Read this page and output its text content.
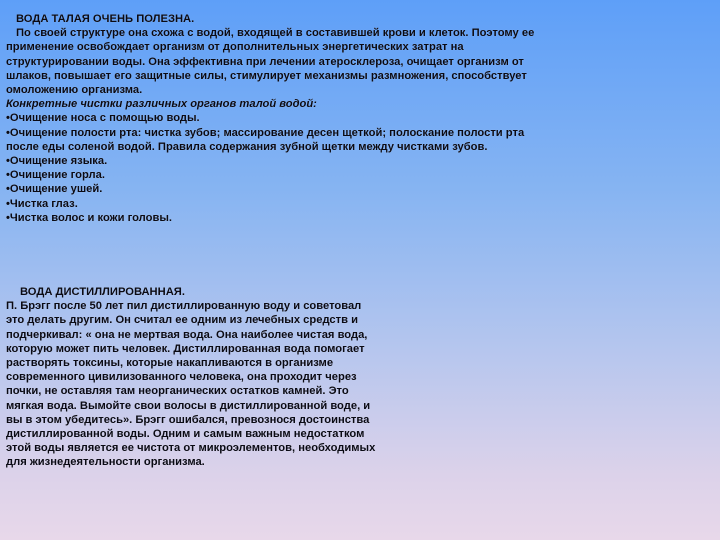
ВОДА ТАЛАЯ ОЧЕНЬ ПОЛЕЗНА.
По своей структуре она схожа с водой, входящей в составившей крови и клеток. Поэтому ее
применение освобождает организм от дополнительных энергетических затрат на
структурировании воды. Она эффективна при лечении атеросклероза, очищает организм от
шлаков, повышает его защитные силы, стимулирует механизмы размножения, способствует
омоложению организма.
Конкретные чистки различных органов талой водой:
• Очищение носа с помощью воды.
• Очищение полости рта: чистка зубов; массирование десен щеткой; полоскание полости рта
после еды соленой водой. Правила содержания зубной щетки между чистками зубов.
• Очищение языка.
• Очищение горла.
• Очищение ушей.
• Чистка глаз.
• Чистка волос и кожи головы.
ВОДА ДИСТИЛЛИРОВАННАЯ.
П. Брэгг после 50 лет пил дистиллированную воду и советовал
это делать другим. Он считал ее одним из лечебных средств и
подчеркивал: « она не мертвая вода. Она наиболее чистая вода,
которую может пить человек. Дистиллированная вода помогает
растворять токсины, которые накапливаются в организме
современного цивилизованного человека, она проходит через
почки, не оставляя там неорганических остатков камней. Это
мягкая вода. Вымойте свои волосы в дистиллированной воде, и
вы в этом убедитесь». Брэгг ошибался, превознося достоинства
дистиллированной воды. Одним и самым важным недостатком
этой воды является ее чистота от микроэлементов, необходимых
для жизнедеятельности организма.
